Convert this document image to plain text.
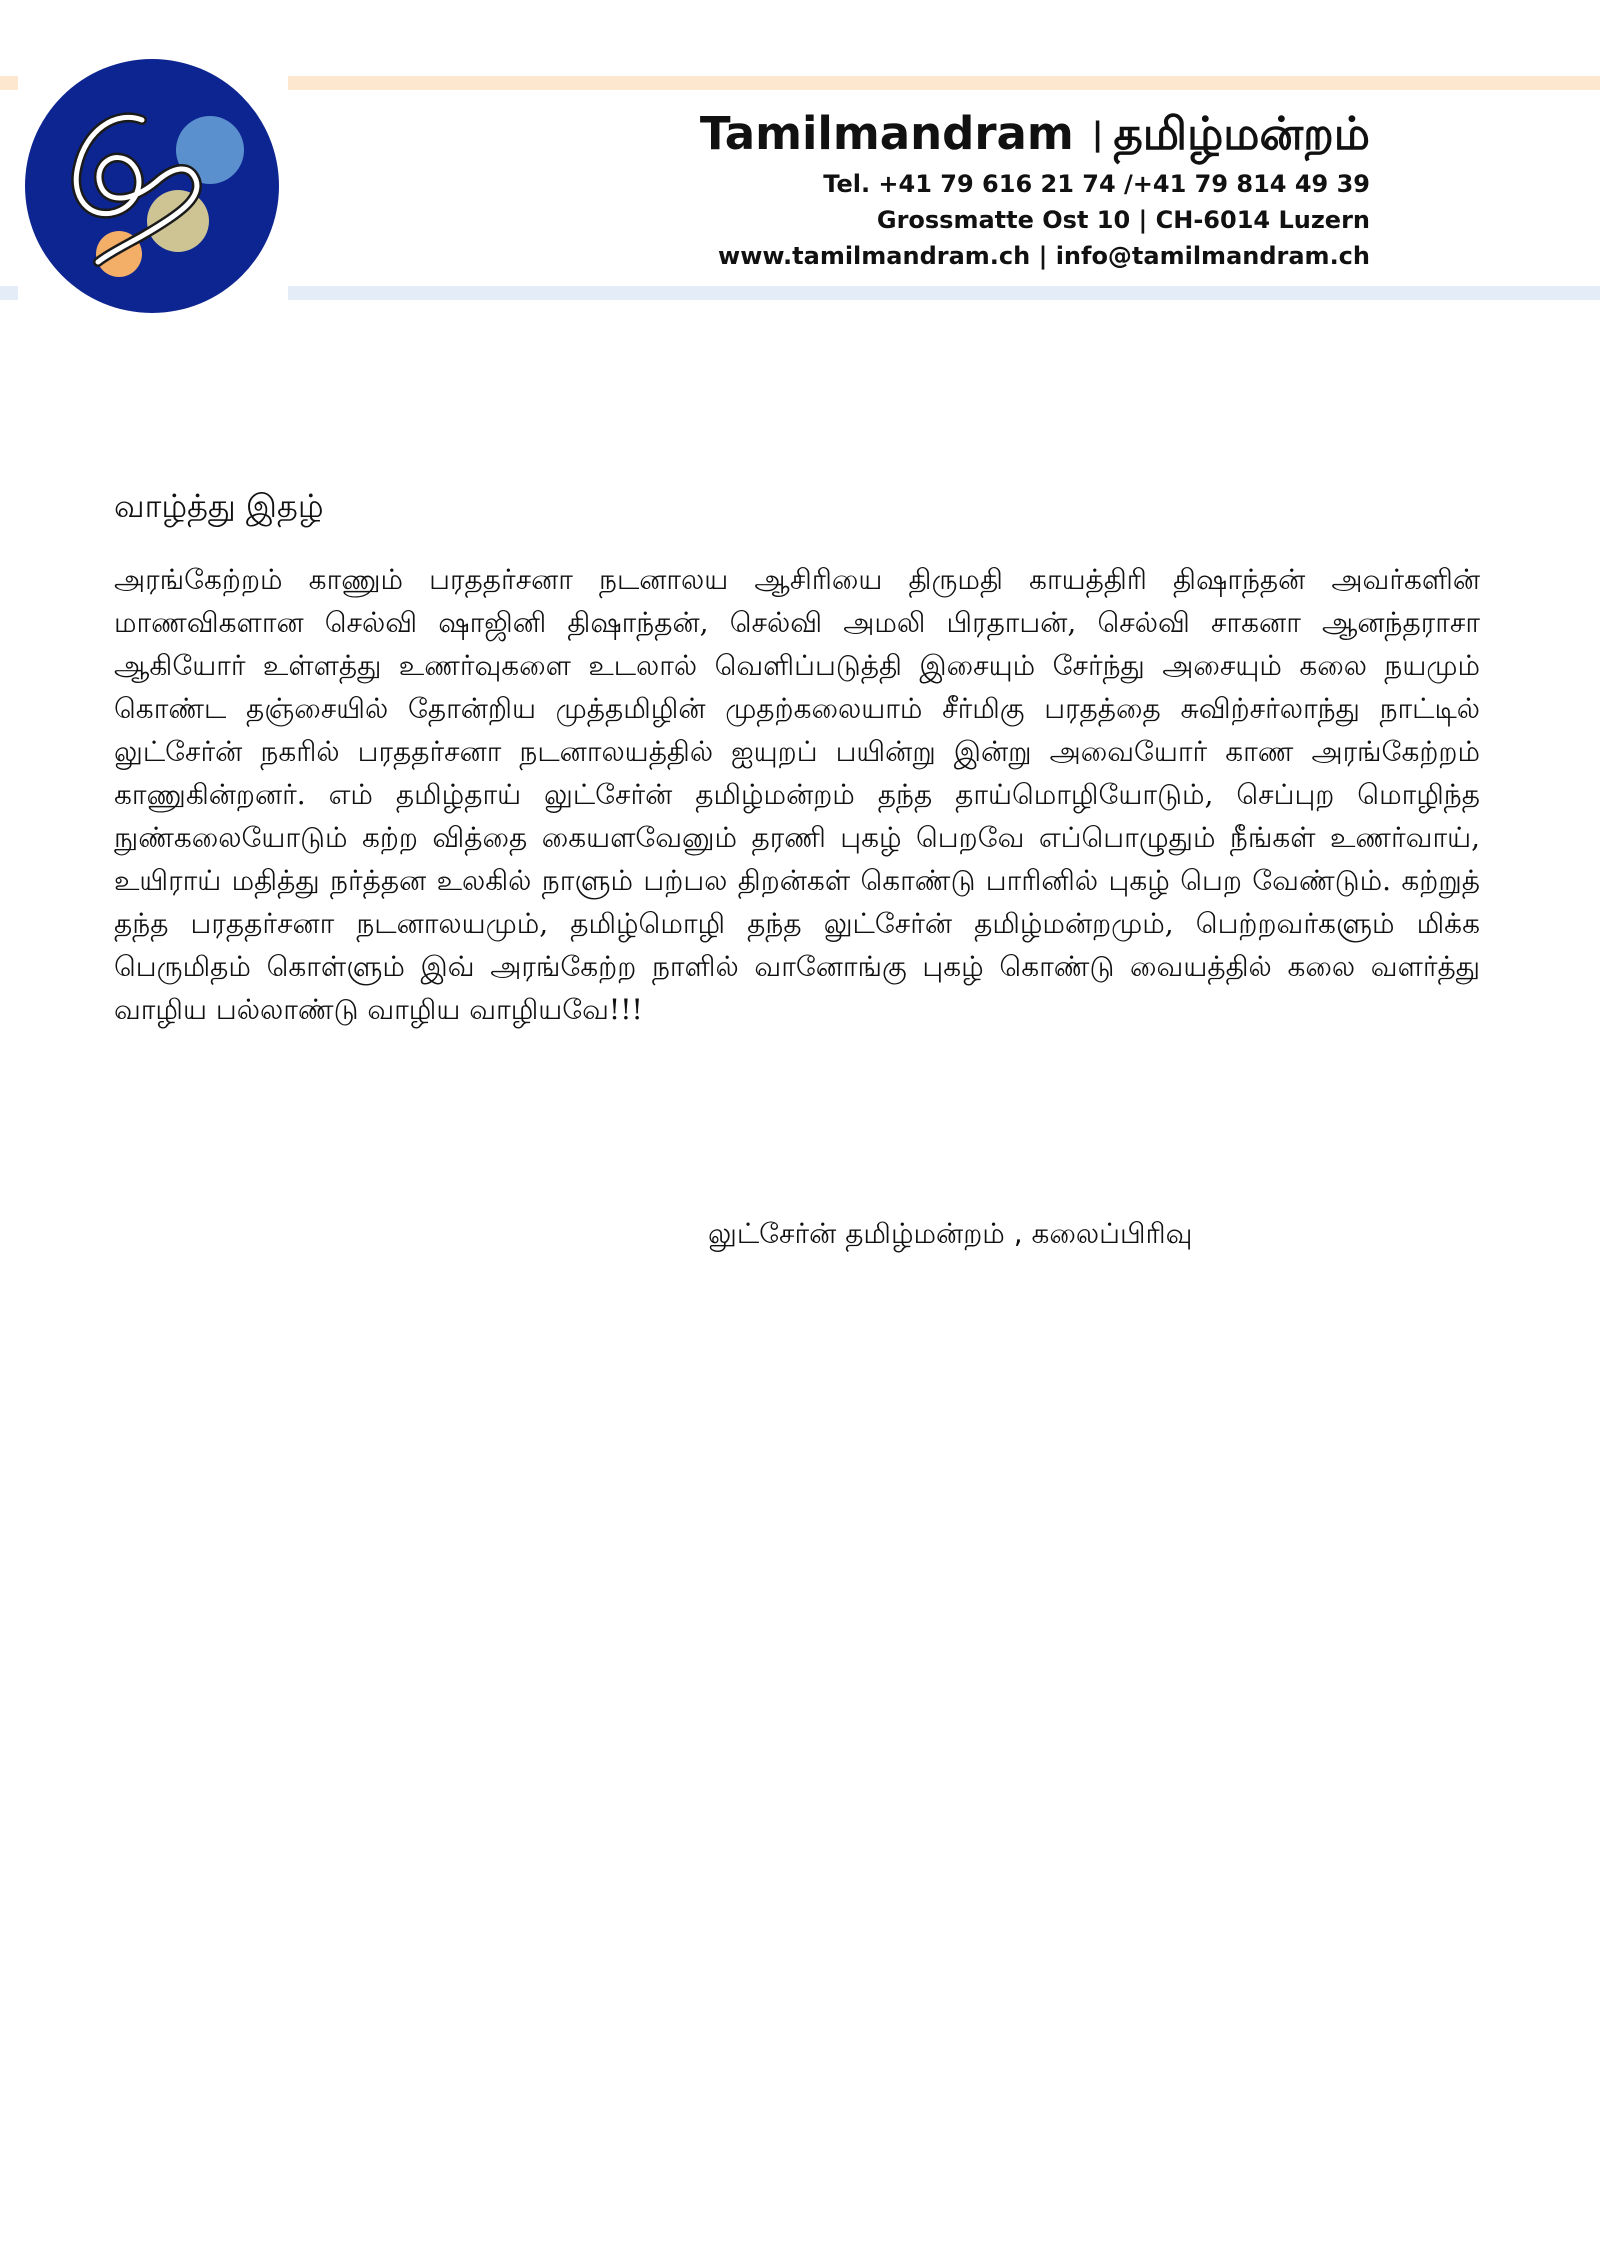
Tamilmandram | தமிழ்மன்றம்
Tel. +41 79 616 21 74 /+41 79 814 49 39
Grossmatte Ost 10 | CH-6014 Luzern
www.tamilmandram.ch | info@tamilmandram.ch
வாழ்த்து இதழ்
அரங்கேற்றம் காணும் பரததர்சனா நடனாலய ஆசிரியை திருமதி காயத்திரி திஷாந்தன் அவர்களின் மாணவிகளான செல்வி ஷாஜினி திஷாந்தன், செல்வி அமலி பிரதாபன், செல்வி சாகனா ஆனந்தராசா ஆகியோர் உள்ளத்து உணர்வுகளை உடலால் வெளிப்படுத்தி இசையும் சேர்ந்து அசையும் கலை நயமும் கொண்ட தஞ்சையில் தோன்றிய முத்தமிழின் முதற்கலையாம் சீர்மிகு பரதத்தை சுவிற்சர்லாந்து நாட்டில் லுட்சேர்ன் நகரில் பரததர்சனா நடனாலயத்தில் ஐயுறப் பயின்று இன்று அவையோர் காண அரங்கேற்றம் காணுகின்றனர். எம் தமிழ்தாய் லுட்சேர்ன் தமிழ்மன்றம் தந்த தாய்மொழியோடும், செப்புற மொழிந்த நுண்கலையோடும் கற்ற வித்தை கையளவேனும் தரணி புகழ் பெறவே எப்பொழுதும் நீங்கள் உணர்வாய், உயிராய் மதித்து நர்த்தன உலகில் நாளும் பற்பல திறன்கள் கொண்டு பாரினில் புகழ் பெற வேண்டும். கற்றுத் தந்த பரததர்சனா நடனாலயமும், தமிழ்மொழி தந்த லுட்சேர்ன் தமிழ்மன்றமும், பெற்றவர்களும் மிக்க பெருமிதம் கொள்ளும் இவ் அரங்கேற்ற நாளில் வானோங்கு புகழ் கொண்டு வையத்தில் கலை வளர்த்து வாழிய பல்லாண்டு வாழிய வாழியவே!!!
லுட்சேர்ன் தமிழ்மன்றம் , கலைப்பிரிவு
